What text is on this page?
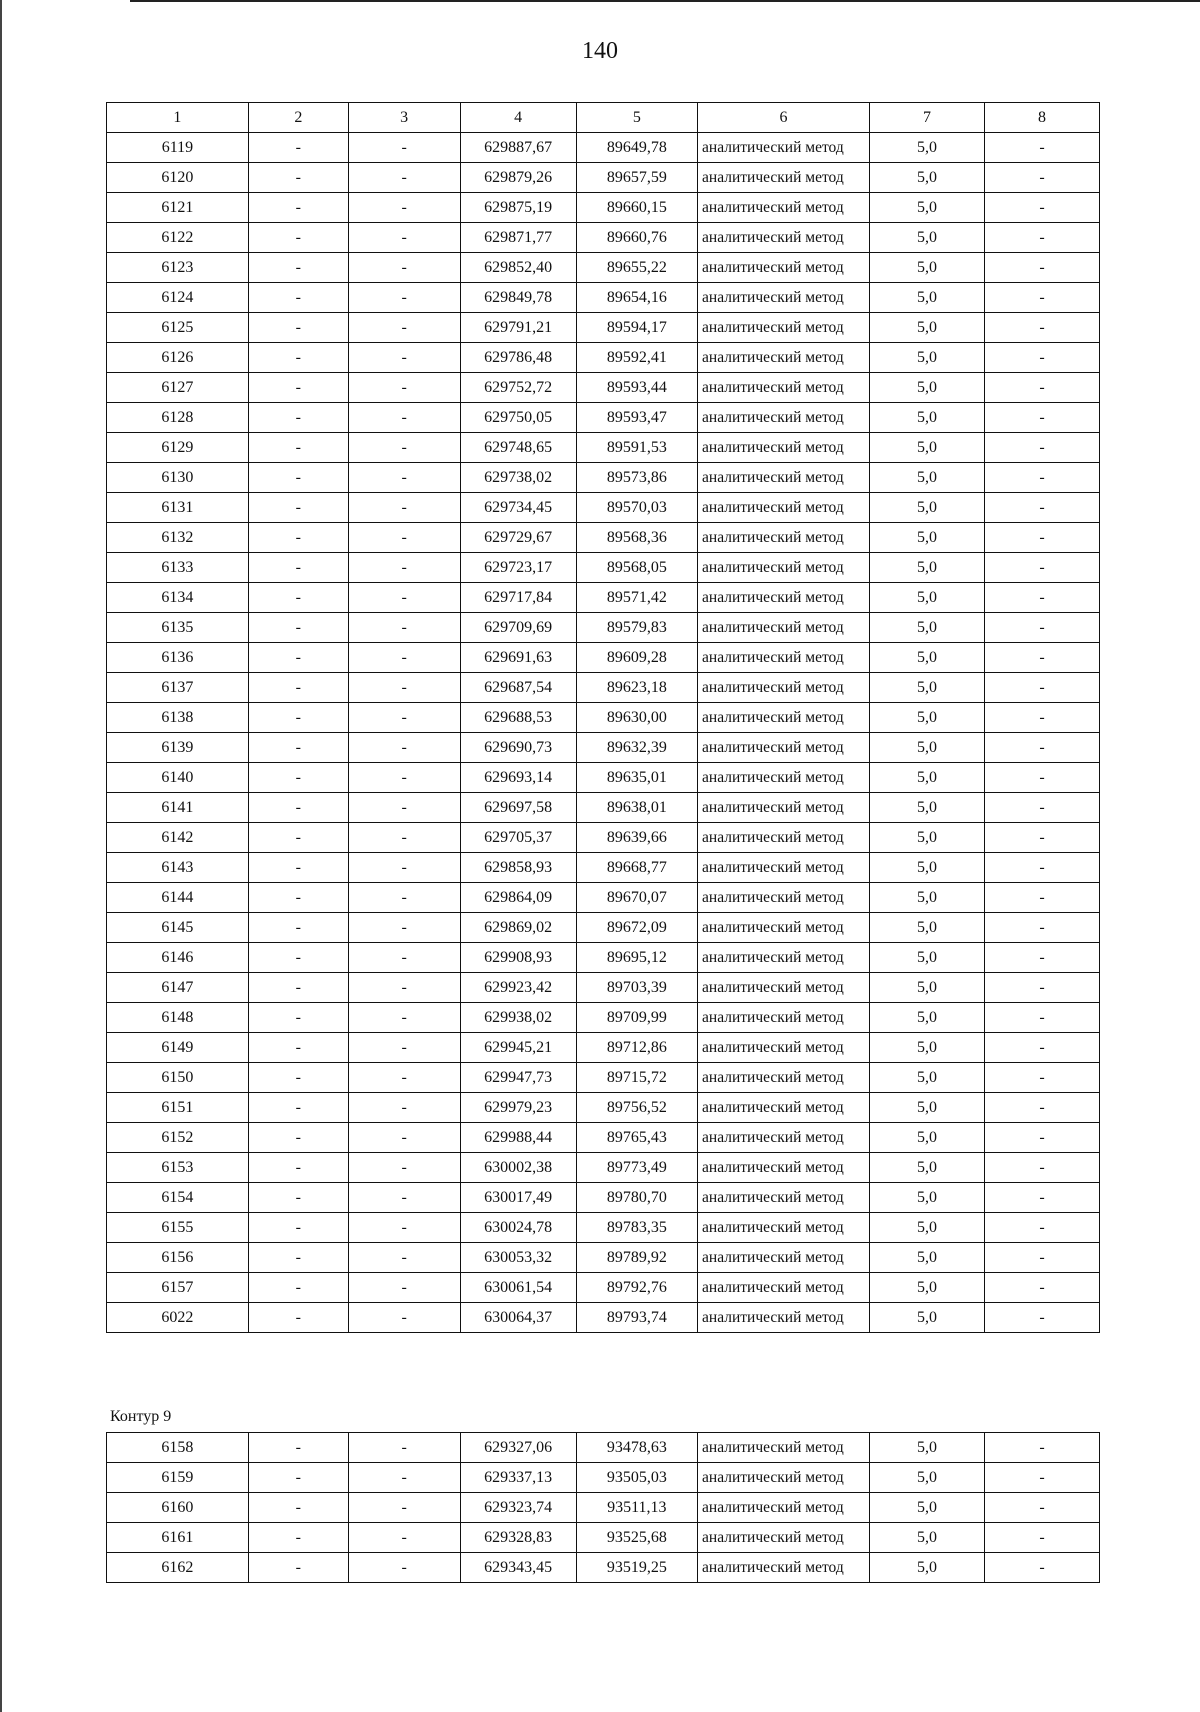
140
1	2	3	4	5	6	7	8
6119	-	-	629887,67	89649,78	аналитический метод	5,0	-
6120	-	-	629879,26	89657,59	аналитический метод	5,0	-
6121	-	-	629875,19	89660,15	аналитический метод	5,0	-
6122	-	-	629871,77	89660,76	аналитический метод	5,0	-
6123	-	-	629852,40	89655,22	аналитический метод	5,0	-
6124	-	-	629849,78	89654,16	аналитический метод	5,0	-
6125	-	-	629791,21	89594,17	аналитический метод	5,0	-
6126	-	-	629786,48	89592,41	аналитический метод	5,0	-
6127	-	-	629752,72	89593,44	аналитический метод	5,0	-
6128	-	-	629750,05	89593,47	аналитический метод	5,0	-
6129	-	-	629748,65	89591,53	аналитический метод	5,0	-
6130	-	-	629738,02	89573,86	аналитический метод	5,0	-
6131	-	-	629734,45	89570,03	аналитический метод	5,0	-
6132	-	-	629729,67	89568,36	аналитический метод	5,0	-
6133	-	-	629723,17	89568,05	аналитический метод	5,0	-
6134	-	-	629717,84	89571,42	аналитический метод	5,0	-
6135	-	-	629709,69	89579,83	аналитический метод	5,0	-
6136	-	-	629691,63	89609,28	аналитический метод	5,0	-
6137	-	-	629687,54	89623,18	аналитический метод	5,0	-
6138	-	-	629688,53	89630,00	аналитический метод	5,0	-
6139	-	-	629690,73	89632,39	аналитический метод	5,0	-
6140	-	-	629693,14	89635,01	аналитический метод	5,0	-
6141	-	-	629697,58	89638,01	аналитический метод	5,0	-
6142	-	-	629705,37	89639,66	аналитический метод	5,0	-
6143	-	-	629858,93	89668,77	аналитический метод	5,0	-
6144	-	-	629864,09	89670,07	аналитический метод	5,0	-
6145	-	-	629869,02	89672,09	аналитический метод	5,0	-
6146	-	-	629908,93	89695,12	аналитический метод	5,0	-
6147	-	-	629923,42	89703,39	аналитический метод	5,0	-
6148	-	-	629938,02	89709,99	аналитический метод	5,0	-
6149	-	-	629945,21	89712,86	аналитический метод	5,0	-
6150	-	-	629947,73	89715,72	аналитический метод	5,0	-
6151	-	-	629979,23	89756,52	аналитический метод	5,0	-
6152	-	-	629988,44	89765,43	аналитический метод	5,0	-
6153	-	-	630002,38	89773,49	аналитический метод	5,0	-
6154	-	-	630017,49	89780,70	аналитический метод	5,0	-
6155	-	-	630024,78	89783,35	аналитический метод	5,0	-
6156	-	-	630053,32	89789,92	аналитический метод	5,0	-
6157	-	-	630061,54	89792,76	аналитический метод	5,0	-
6022	-	-	630064,37	89793,74	аналитический метод	5,0	-
Контур 9
6158	-	-	629327,06	93478,63	аналитический метод	5,0	-
6159	-	-	629337,13	93505,03	аналитический метод	5,0	-
6160	-	-	629323,74	93511,13	аналитический метод	5,0	-
6161	-	-	629328,83	93525,68	аналитический метод	5,0	-
6162	-	-	629343,45	93519,25	аналитический метод	5,0	-
